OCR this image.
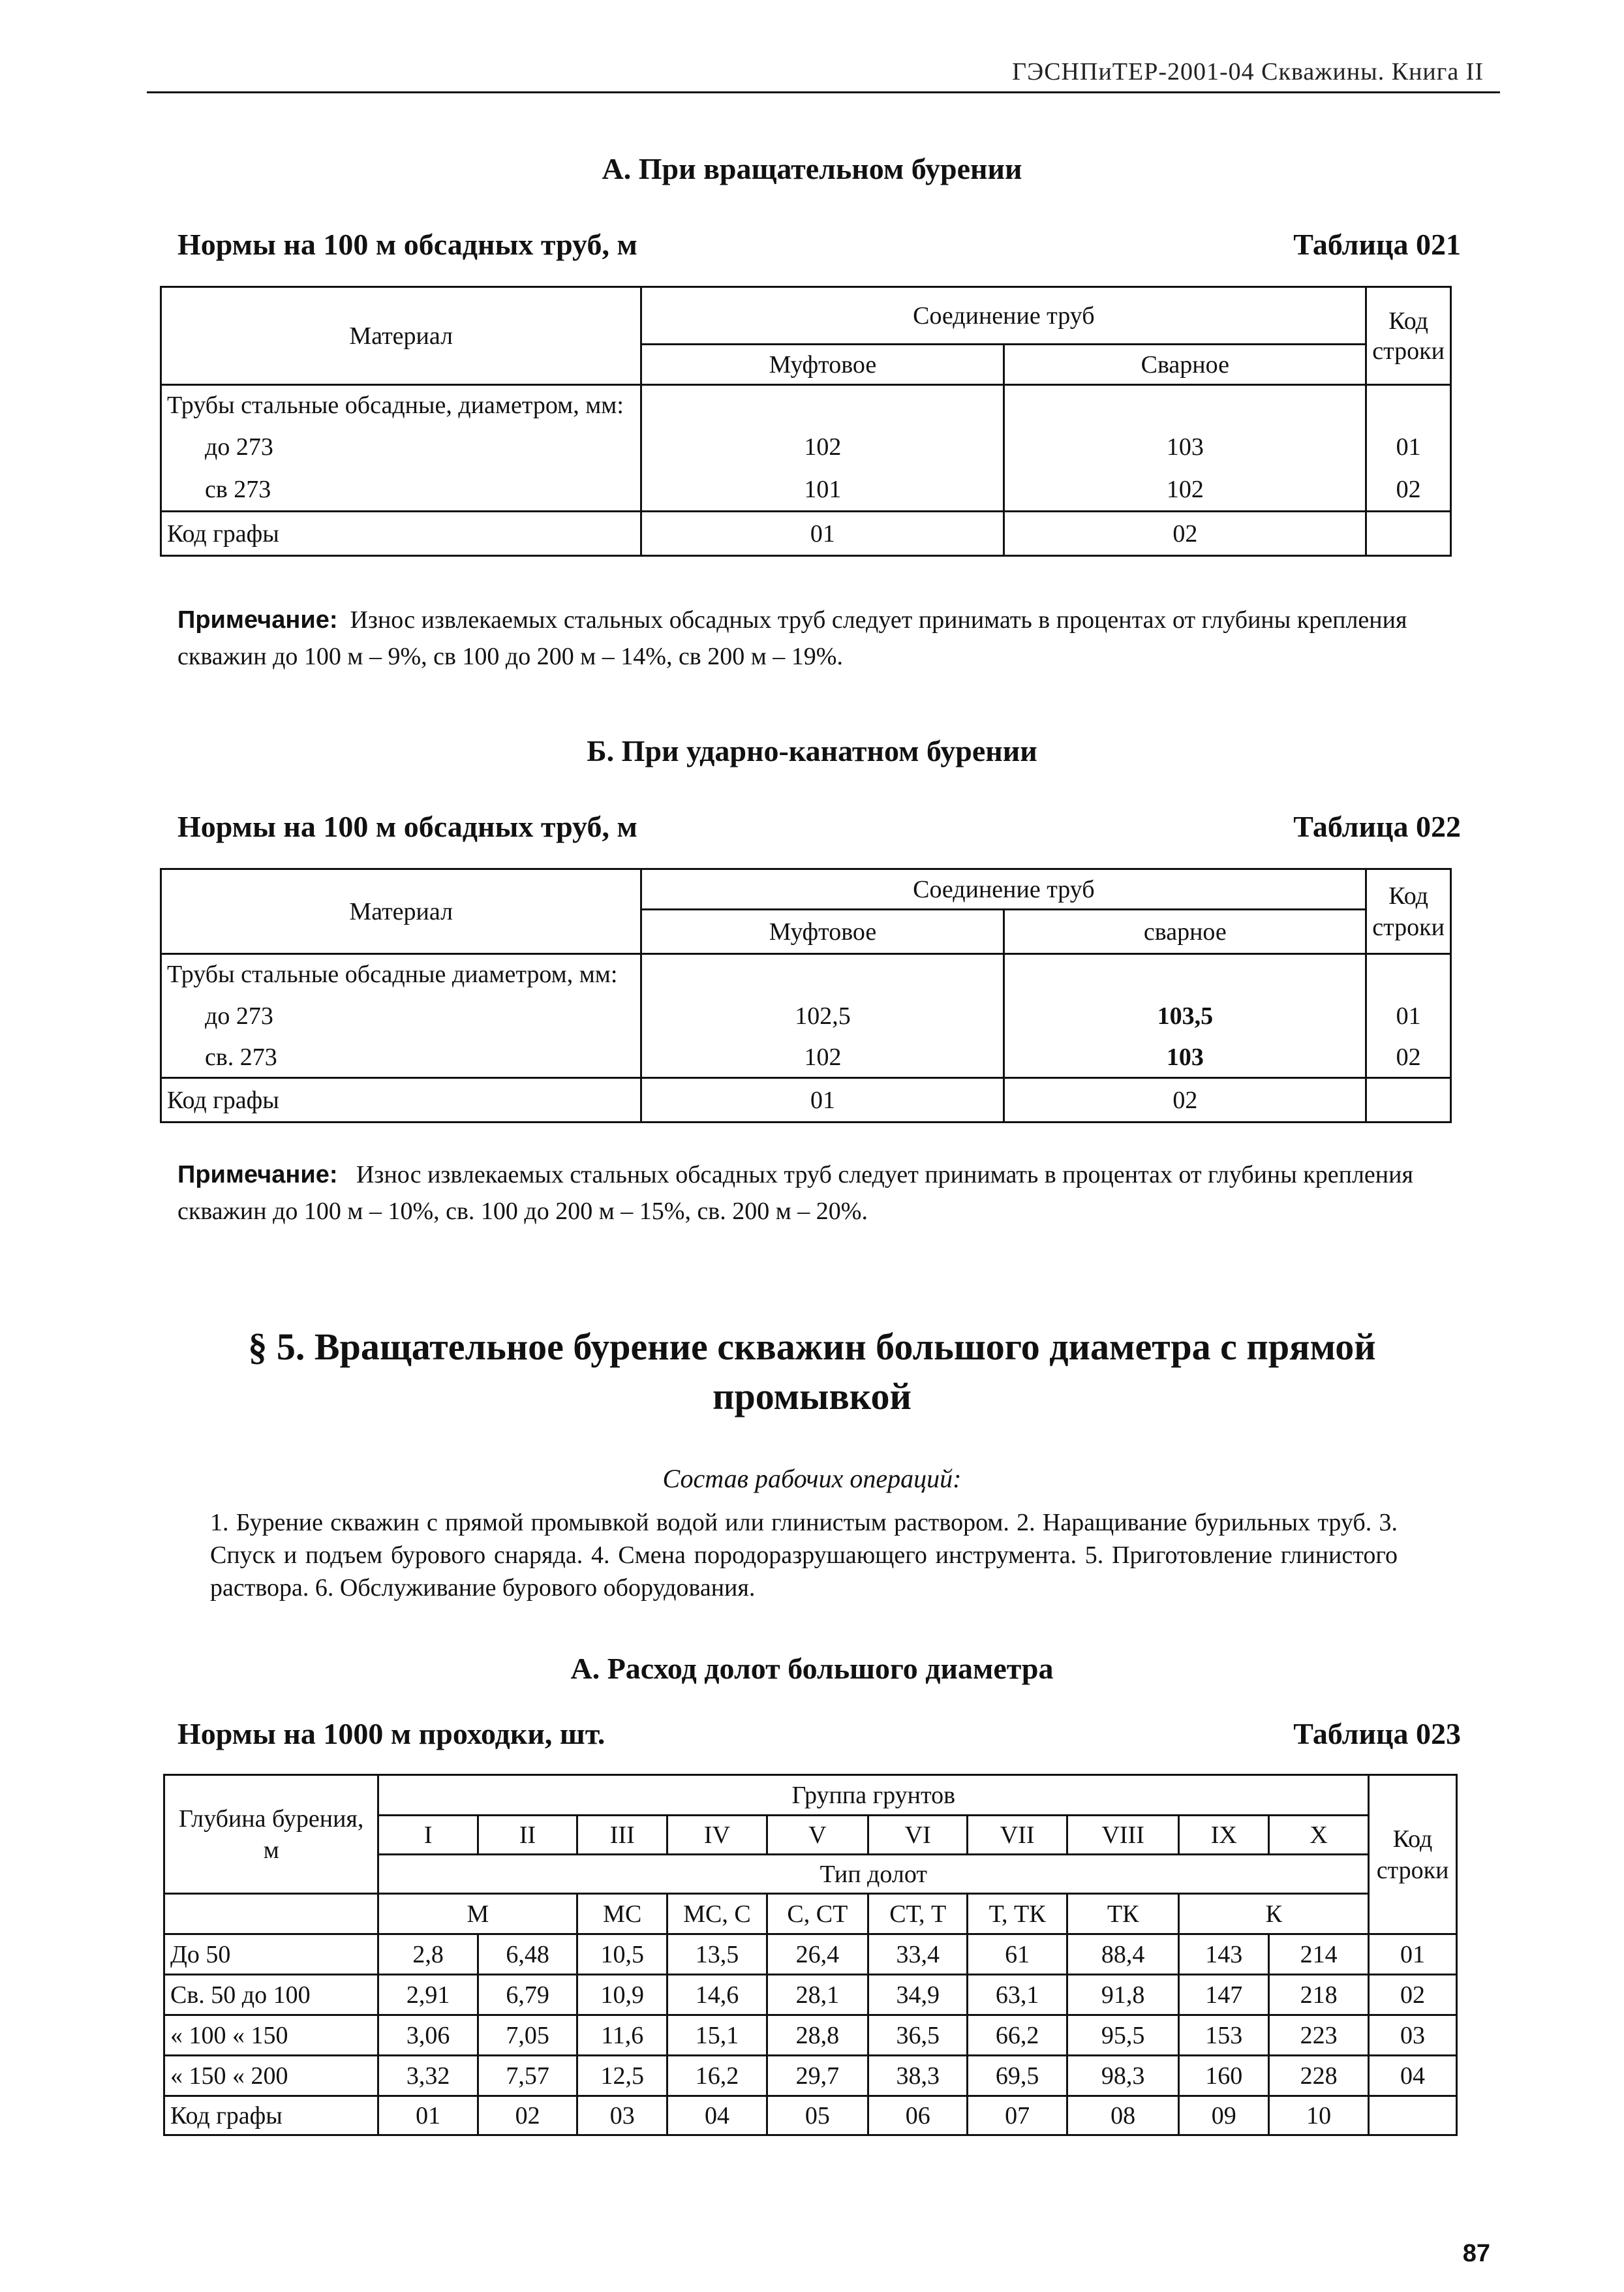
ГЭСНПиТЕР-2001-04 Скважины. Книга II
А. При вращательном бурении
Нормы на 100 м обсадных труб, м	Таблица 021
Материал	Соединение труб		Код строки
	Муфтовое	Сварное	
Трубы стальные обсадные, диаметром, мм:			
до 273	102	103	01
св 273	101	102	02
Код графы	01	02	
Примечание: Износ извлекаемых стальных обсадных труб следует принимать в процентах от глубины крепления скважин до 100 м – 9%, св 100 до 200 м – 14%, св 200 м – 19%.
Б. При ударно-канатном бурении
Нормы на 100 м обсадных труб, м	Таблица 022
Материал	Соединение труб		Код строки
	Муфтовое	сварное	
Трубы стальные обсадные диаметром, мм:			
до 273	102,5	103,5	01
св. 273	102	103	02
Код графы	01	02	
Примечание: Износ извлекаемых стальных обсадных труб следует принимать в процентах от глубины крепления скважин до 100 м – 10%, св. 100 до 200 м – 15%, св. 200 м – 20%.
§ 5. Вращательное бурение скважин большого диаметра с прямой
промывкой
Состав рабочих операций:
1. Бурение скважин с прямой промывкой водой или глинистым раствором. 2. Наращивание бурильных труб. 3. Спуск и подъем бурового снаряда. 4. Смена породоразрушающего инструмента. 5. Приготовление глинистого раствора. 6. Обслуживание бурового оборудования.
А. Расход долот большого диаметра
Нормы на 1000 м проходки, шт.	Таблица 023
Глубина бурения, м	Группа грунтов										Код строки
	I	II	III	IV	V	VI	VII	VIII	IX	X	
	Тип долот										
	М		МС	МС, С	С, СТ	СТ, Т	Т, ТК	ТК	К		
До 50	2,8	6,48	10,5	13,5	26,4	33,4	61	88,4	143	214	01
Св. 50 до 100	2,91	6,79	10,9	14,6	28,1	34,9	63,1	91,8	147	218	02
« 100 « 150	3,06	7,05	11,6	15,1	28,8	36,5	66,2	95,5	153	223	03
« 150 « 200	3,32	7,57	12,5	16,2	29,7	38,3	69,5	98,3	160	228	04
Код графы	01	02	03	04	05	06	07	08	09	10	
87
